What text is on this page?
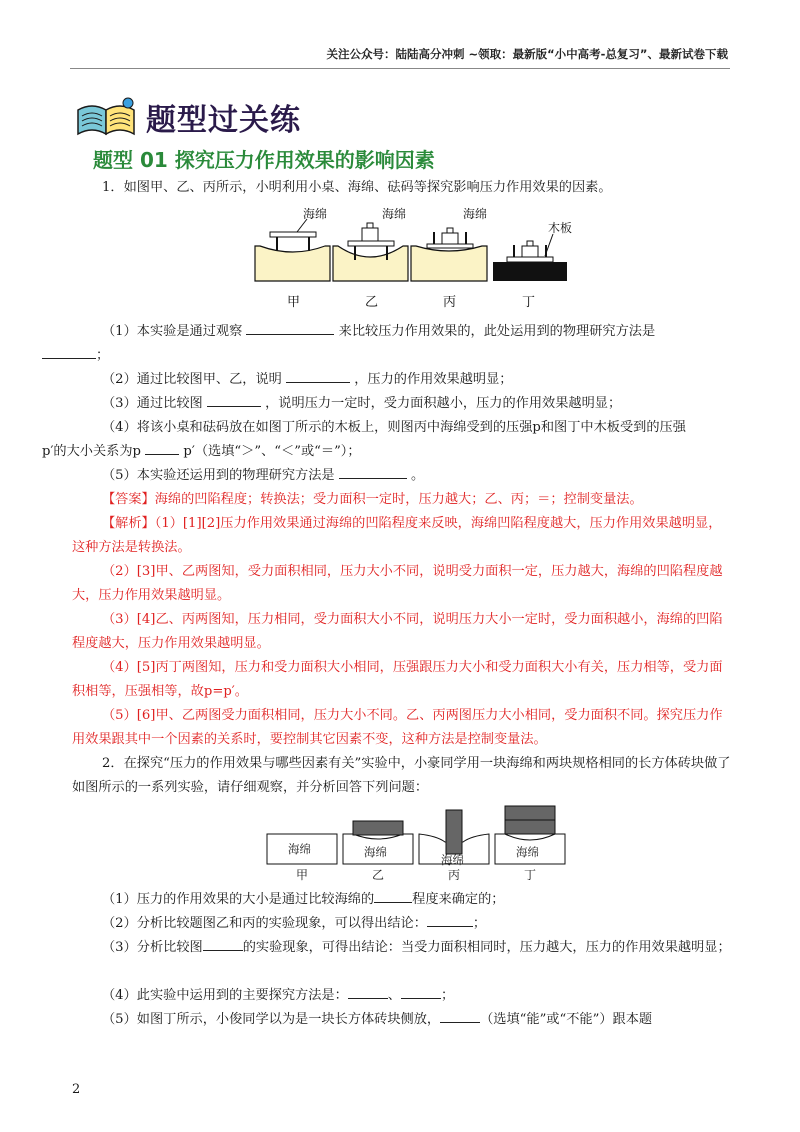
关注公众号：陆陆高分冲刺 ~领取：最新版“小中高考-总复习”、最新试卷下载
题型过关练
题型 01 探究压力作用效果的影响因素
1．如图甲、乙、丙所示，小明利用小桌、海绵、砝码等探究影响压力作用效果的因素。
海绵	海绵	海绵
木板
甲	乙	丙	丁
（1）本实验是通过观察	来比较压力作用效果的，此处运用到的物理研究方法是
；
（2）通过比较图甲、乙，说明	，压力的作用效果越明显；
（3）通过比较图	，说明压力一定时，受力面积越小，压力的作用效果越明显；
（4）将该小桌和砝码放在如图丁所示的木板上，则图丙中海绵受到的压强p和图丁中木板受到的压强
p′的大小关系为p	p′（选填“＞”、“＜”或“＝”）；
（5）本实验还运用到的物理研究方法是	。
【答案】海绵的凹陷程度；转换法；受力面积一定时，压力越大；乙、丙；＝；控制变量法。
【解析】（1）[1][2]压力作用效果通过海绵的凹陷程度来反映，海绵凹陷程度越大，压力作用效果越明显，这种方法是转换法。
（2）[3]甲、乙两图知，受力面积相同，压力大小不同，说明受力面积一定，压力越大，海绵的凹陷程度越大，压力作用效果越明显。
（3）[4]乙、丙两图知，压力相同，受力面积大小不同，说明压力大小一定时，受力面积越小，海绵的凹陷程度越大，压力作用效果越明显。
（4）[5]丙丁两图知，压力和受力面积大小相同，压强跟压力大小和受力面积大小有关，压力相等，受力面积相等，压强相等，故p=p′。
（5）[6]甲、乙两图受力面积相同，压力大小不同。乙、丙两图压力大小相同，受力面积不同。探究压力作用效果跟其中一个因素的关系时，要控制其它因素不变，这种方法是控制变量法。
2．在探究“压力的作用效果与哪些因素有关”实验中，小豪同学用一块海绵和两块规格相同的长方体砖块做了如图所示的一系列实验，请仔细观察，并分析回答下列问题：
海绵	海绵
海绵
海绵
甲	乙	丙	丁
（1）压力的作用效果的大小是通过比较海绵的	程度来确定的；
（2）分析比较题图乙和丙的实验现象，可以得出结论：	；
（3）分析比较图	的实验现象，可得出结论：当受力面积相同时，压力越大，压力的作用效果越明显；
（4）此实验中运用到的主要探究方法是：	、	；
（5）如图丁所示，小俊同学以为是一块长方体砖块侧放，	（选填“能”或“不能”）跟本题
2
